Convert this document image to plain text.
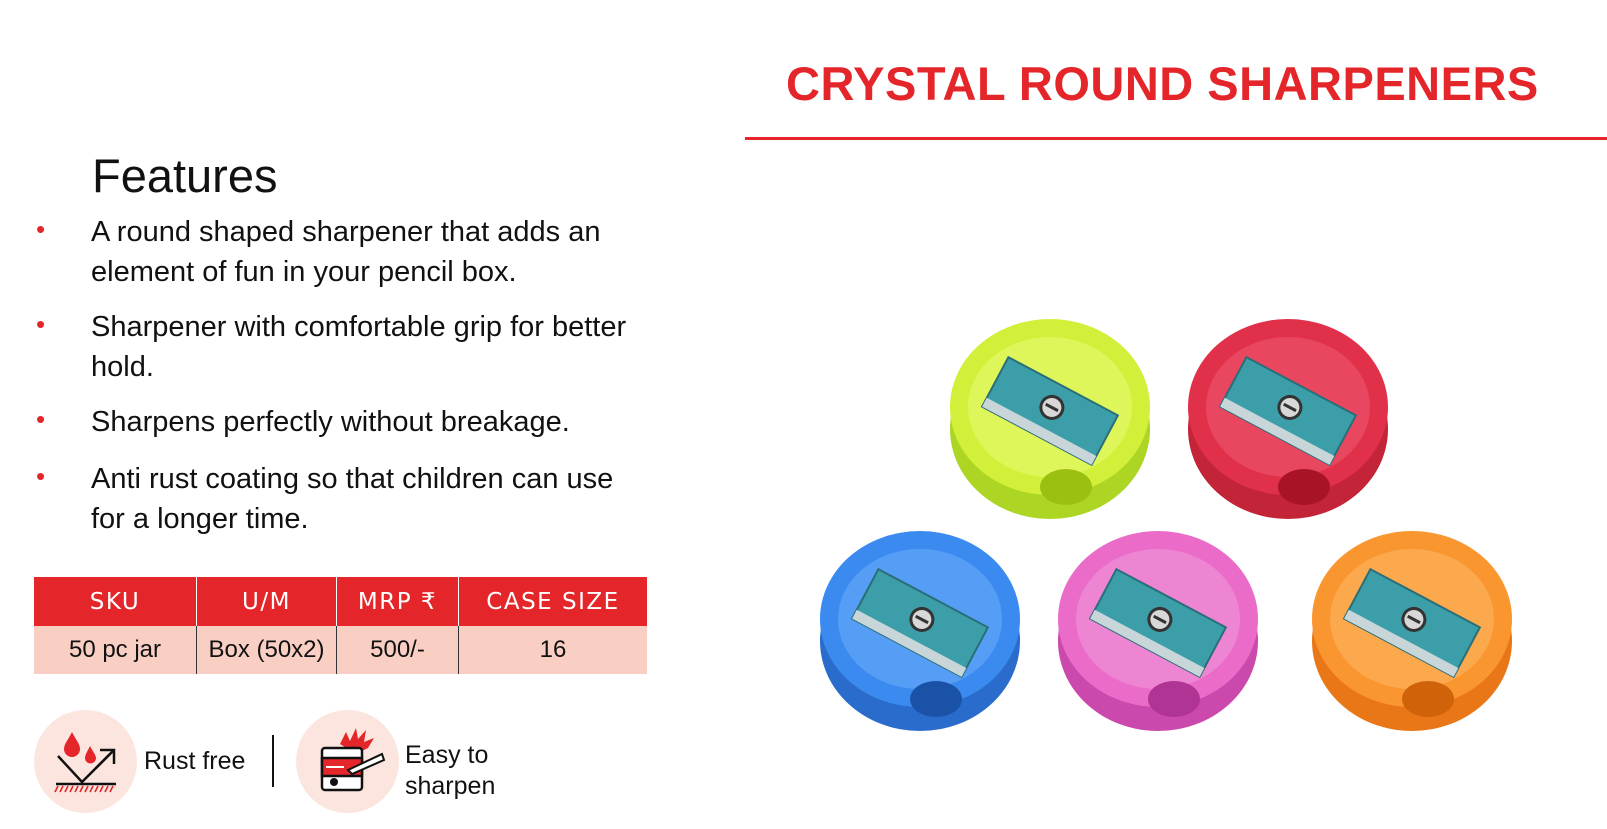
CRYSTAL ROUND SHARPENERS
Features
• A round shaped sharpener that adds an element of fun in your pencil box.
• Sharpener with comfortable grip for better hold.
• Sharpens perfectly without breakage.
• Anti rust coating so that children can use for a longer time.
SKU	U/M	MRP ₹	CASE SIZE
50 pc jar	Box (50x2)	500/-	16
Rust free	Easy to sharpen
